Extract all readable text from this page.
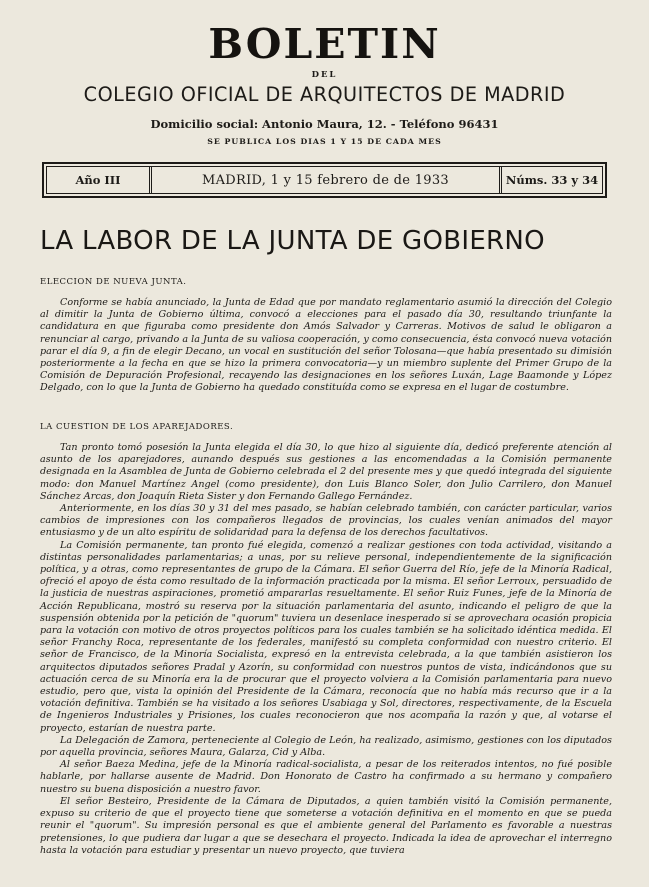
BOLETIN
DEL
COLEGIO OFICIAL DE ARQUITECTOS DE MADRID
Domicilio social: Antonio Maura, 12. - Teléfono 96431
SE PUBLICA LOS DIAS 1 Y 15 DE CADA MES
Año III	MADRID, 1 y 15 febrero de de 1933	Núms. 33 y 34
LA LABOR DE LA JUNTA DE GOBIERNO
ELECCION DE NUEVA JUNTA.

Conforme se había anunciado, la Junta de Edad que por mandato reglamentario asumió la dirección del Colegio al dimitir la Junta de Gobierno última, convocó a elecciones para el pasado día 30, resultando triunfante la candidatura en que figuraba como presidente don Amós Salvador y Carreras. Motivos de salud le obligaron a renunciar al cargo, privando a la Junta de su valiosa cooperación, y como consecuencia, ésta convocó nueva votación parar el día 9, a fin de elegir Decano, un vocal en sustitución del señor Tolosana—que había presentado su dimisión posteriormente a la fecha en que se hizo la primera convocatoria—y un miembro suplente del Primer Grupo de la Comisión de Depuración Profesional, recayendo las designaciones en los señores Luxán, Lage Baamonde y López Delgado, con lo que la Junta de Gobierno ha quedado constituída como se expresa en el lugar de costumbre.

LA CUESTION DE LOS APAREJADORES.

Tan pronto tomó posesión la Junta elegida el día 30, lo que hizo al siguiente día, dedicó preferente atención al asunto de los aparejadores, aunando después sus gestiones a las encomendadas a la Comisión permanente designada en la Asamblea de Junta de Gobierno celebrada el 2 del presente mes y que quedó integrada del siguiente modo: don Manuel Martínez Angel (como presidente), don Luis Blanco Soler, don Julio Carrilero, don Manuel Sánchez Arcas, don Joaquín Rieta Sister y don Fernando Gallego Fernández.

Anteriormente, en los días 30 y 31 del mes pasado, se habían celebrado también, con carácter particular, varios cambios de impresiones con los compañeros llegados de provincias, los cuales venían animados del mayor entusiasmo y de un alto espíritu de solidaridad para la defensa de los derechos facultativos.

La Comisión permanente, tan pronto fué elegida, comenzó a realizar gestiones con toda actividad, visitando a distintas personalidades parlamentarias; a unas, por su relieve personal, independientemente de la significación política, y a otras, como representantes de grupo de la Cámara. El señor Guerra del Río, jefe de la Minoría Radical, ofreció el apoyo de ésta como resultado de la información practicada por la misma. El señor Lerroux, persuadido de la justicia de nuestras aspiraciones, prometió ampararlas resueltamente. El señor Ruiz Funes, jefe de la Minoría de Acción Republicana, mostró su reserva por la situación parlamentaria del asunto, indicando el peligro de que la suspensión obtenida por la petición de "quorum" tuviera un desenlace inesperado si se aprovechara ocasión propicia para la votación con motivo de otros proyectos políticos para los cuales también se ha solicitado idéntica medida. El señor Franchy Roca, representante de los federales, manifestó su completa conformidad con nuestro criterio. El señor de Francisco, de la Minoría Socialista, expresó en la entrevista celebrada, a la que también asistieron los arquitectos diputados señores Pradal y Azorín, su conformidad con nuestros puntos de vista, indicándonos que su actuación cerca de su Minoría era la de procurar que el proyecto volviera a la Comisión parlamentaria para nuevo estudio, pero que, vista la opinión del Presidente de la Cámara, reconocía que no había más recurso que ir a la votación definitiva. También se ha visitado a los señores Usabiaga y Sol, directores, respectivamente, de la Escuela de Ingenieros Industriales y Prisiones, los cuales reconocieron que nos acompaña la razón y que, al votarse el proyecto, estarían de nuestra parte.

La Delegación de Zamora, perteneciente al Colegio de León, ha realizado, asimismo, gestiones con los diputados por aquella provincia, señores Maura, Galarza, Cid y Alba.

Al señor Baeza Medina, jefe de la Minoría radical-socialista, a pesar de los reiterados intentos, no fué posible hablarle, por hallarse ausente de Madrid. Don Honorato de Castro ha confirmado a su hermano y compañero nuestro su buena disposición a nuestro favor.

El señor Besteiro, Presidente de la Cámara de Diputados, a quien también visitó la Comisión permanente, expuso su criterio de que el proyecto tiene que someterse a votación definitiva en el momento en que se pueda reunir el "quorum". Su impresión personal es que el ambiente general del Parlamento es favorable a nuestras pretensiones, lo que pudiera dar lugar a que se desechara el proyecto. Indicada la idea de aprovechar el interregno hasta la votación para estudiar y presentar un nuevo proyecto, que tuviera
